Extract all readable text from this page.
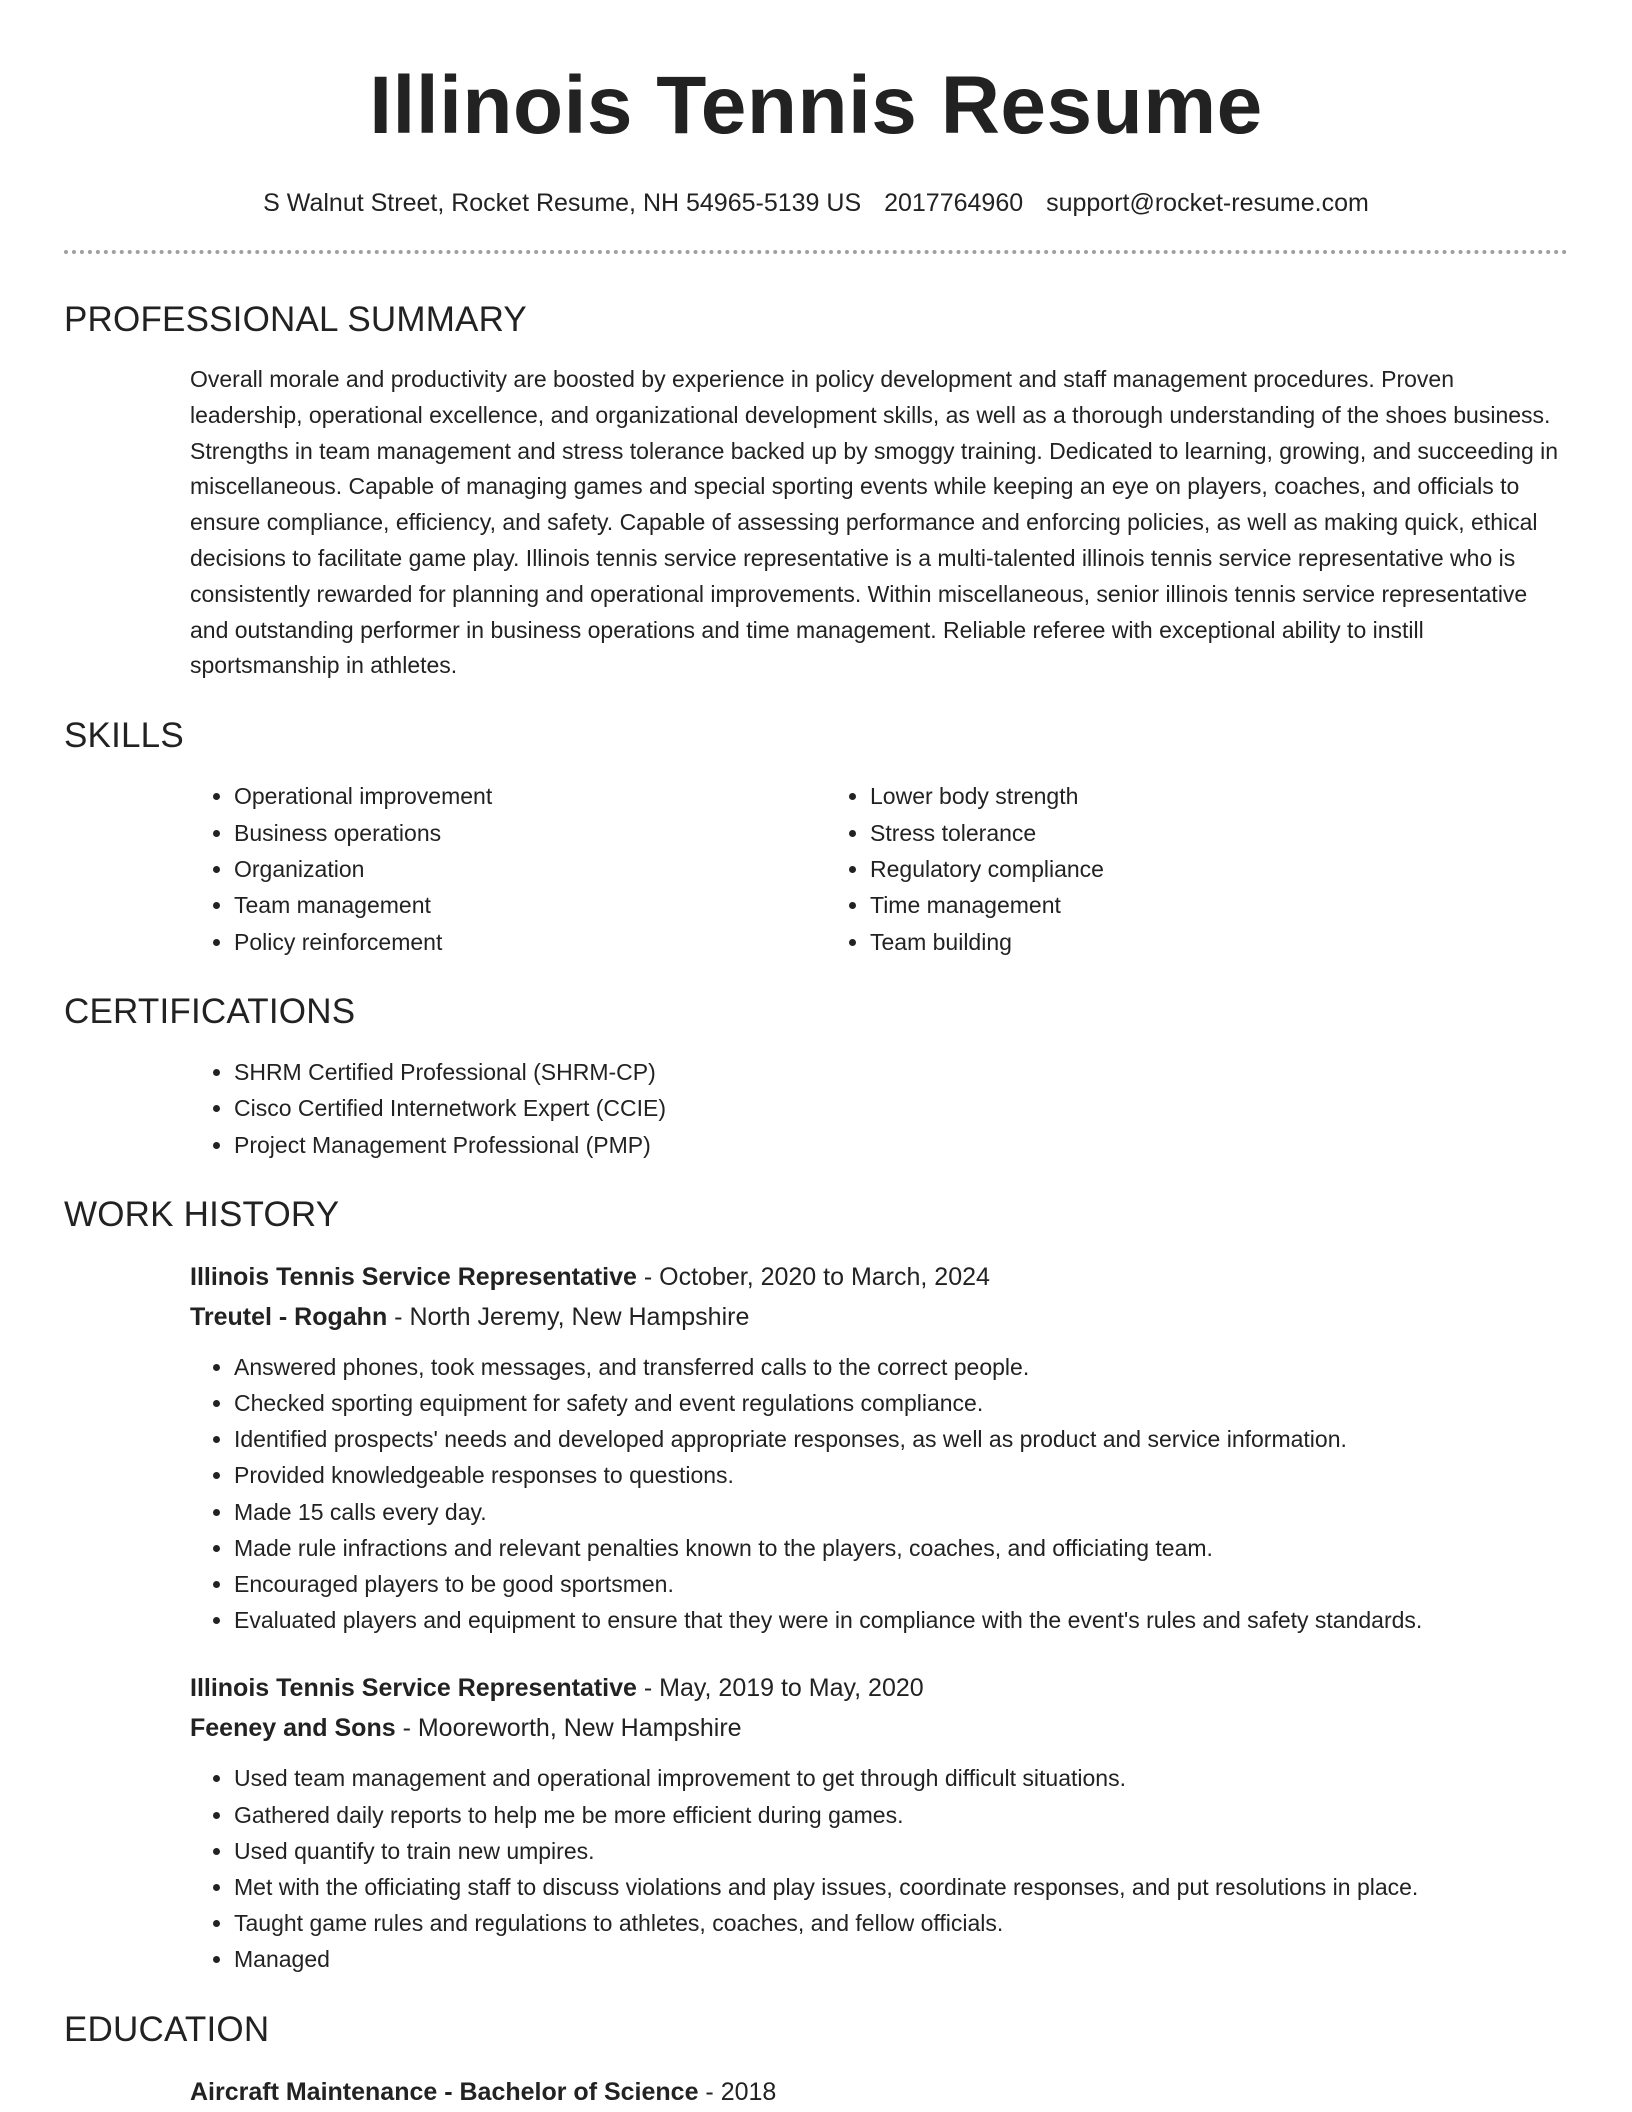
Illinois Tennis Resume
S Walnut Street, Rocket Resume, NH 54965-5139 US 2017764960 support@rocket-resume.com
PROFESSIONAL SUMMARY
Overall morale and productivity are boosted by experience in policy development and staff management procedures. Proven leadership, operational excellence, and organizational development skills, as well as a thorough understanding of the shoes business. Strengths in team management and stress tolerance backed up by smoggy training. Dedicated to learning, growing, and succeeding in miscellaneous. Capable of managing games and special sporting events while keeping an eye on players, coaches, and officials to ensure compliance, efficiency, and safety. Capable of assessing performance and enforcing policies, as well as making quick, ethical decisions to facilitate game play. Illinois tennis service representative is a multi-talented illinois tennis service representative who is consistently rewarded for planning and operational improvements. Within miscellaneous, senior illinois tennis service representative and outstanding performer in business operations and time management. Reliable referee with exceptional ability to instill sportsmanship in athletes.
SKILLS
• Operational improvement
• Business operations
• Organization
• Team management
• Policy reinforcement
• Lower body strength
• Stress tolerance
• Regulatory compliance
• Time management
• Team building
CERTIFICATIONS
• SHRM Certified Professional (SHRM-CP)
• Cisco Certified Internetwork Expert (CCIE)
• Project Management Professional (PMP)
WORK HISTORY
Illinois Tennis Service Representative - October, 2020 to March, 2024
Treutel - Rogahn - North Jeremy, New Hampshire
• Answered phones, took messages, and transferred calls to the correct people.
• Checked sporting equipment for safety and event regulations compliance.
• Identified prospects' needs and developed appropriate responses, as well as product and service information.
• Provided knowledgeable responses to questions.
• Made 15 calls every day.
• Made rule infractions and relevant penalties known to the players, coaches, and officiating team.
• Encouraged players to be good sportsmen.
• Evaluated players and equipment to ensure that they were in compliance with the event's rules and safety standards.
Illinois Tennis Service Representative - May, 2019 to May, 2020
Feeney and Sons - Mooreworth, New Hampshire
• Used team management and operational improvement to get through difficult situations.
• Gathered daily reports to help me be more efficient during games.
• Used quantify to train new umpires.
• Met with the officiating staff to discuss violations and play issues, coordinate responses, and put resolutions in place.
• Taught game rules and regulations to athletes, coaches, and fellow officials.
• Managed
EDUCATION
Aircraft Maintenance - Bachelor of Science - 2018
